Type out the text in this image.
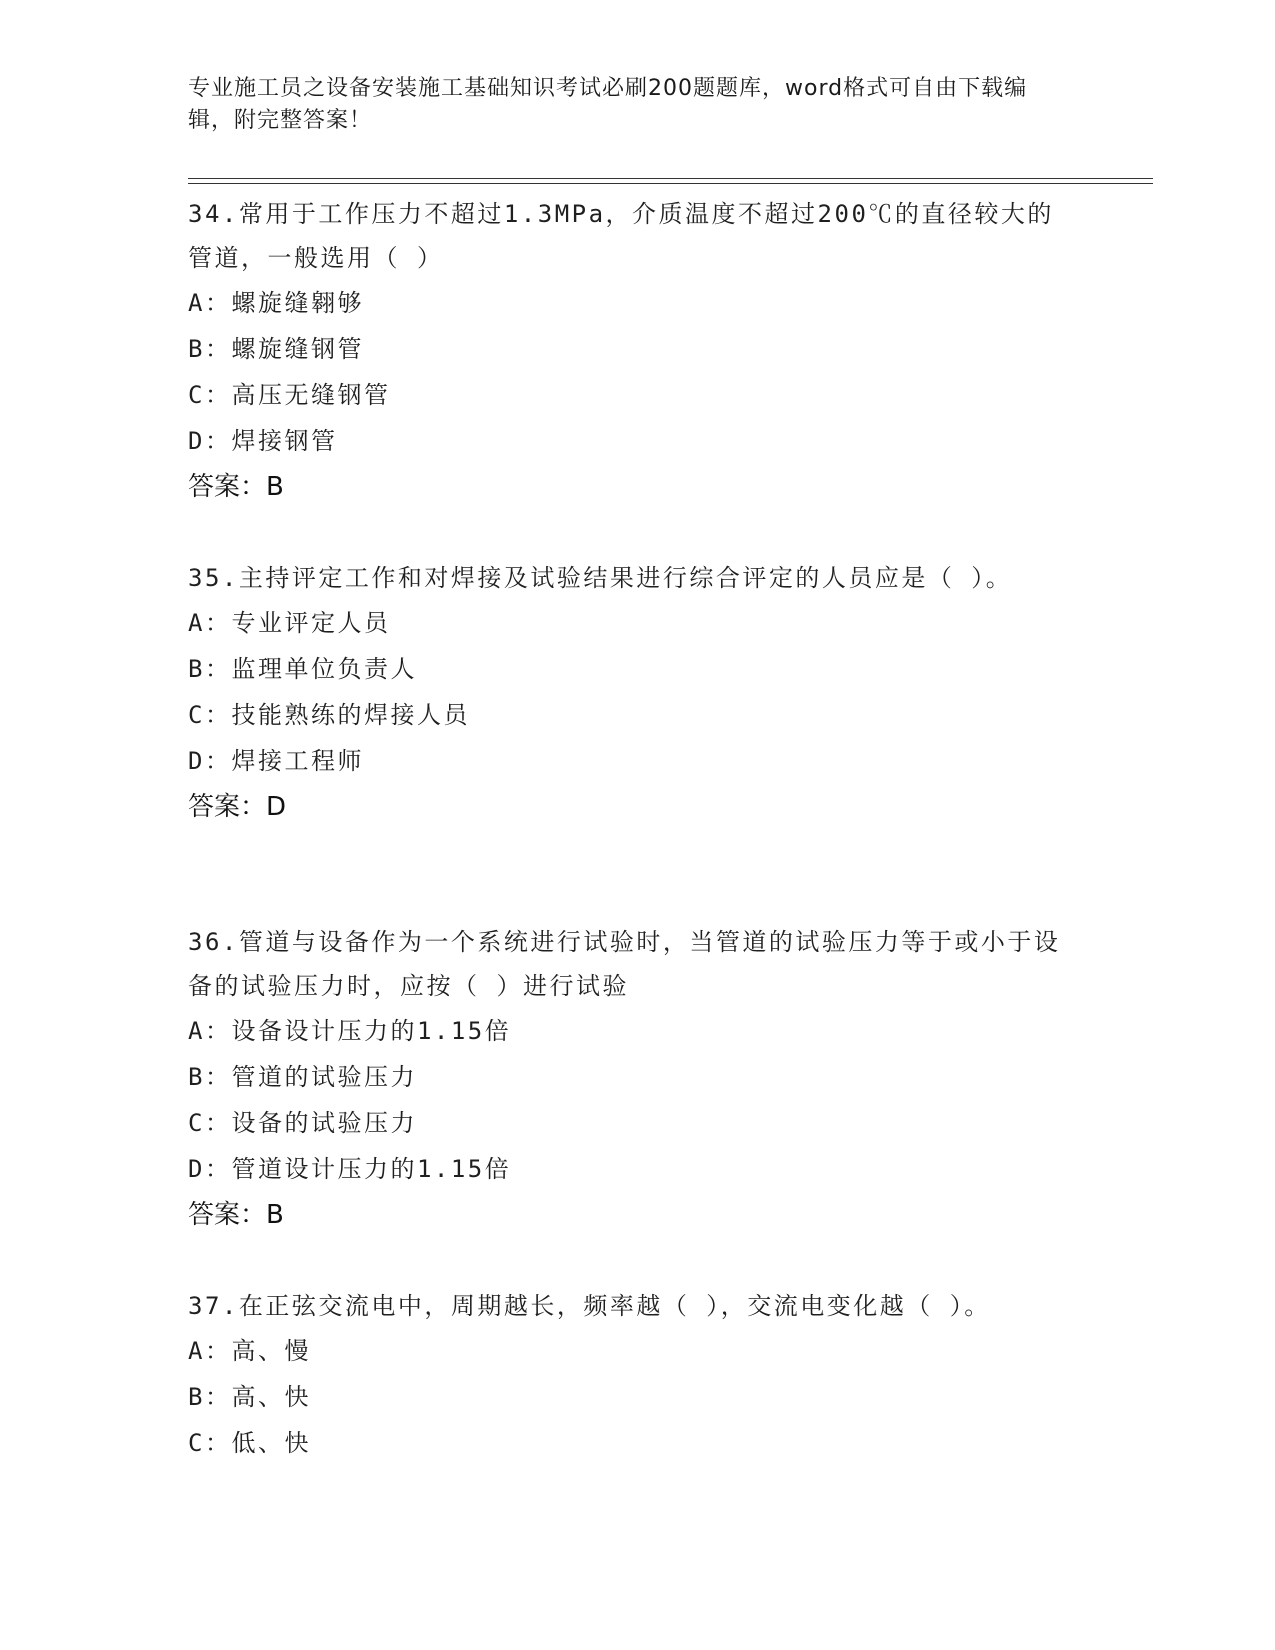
专业施工员之设备安装施工基础知识考试必刷200题题库，word格式可自由下载编辑，附完整答案！

34.常用于工作压力不超过1.3MPa，介质温度不超过200℃的直径较大的管道，一般选用（ ）

A：螺旋缝翱够
B：螺旋缝钢管
C：高压无缝钢管
D：焊接钢管
答案：B

35.主持评定工作和对焊接及试验结果进行综合评定的人员应是（ ）。

A：专业评定人员
B：监理单位负责人
C：技能熟练的焊接人员
D：焊接工程师
答案：D

36.管道与设备作为一个系统进行试验时，当管道的试验压力等于或小于设备的试验压力时，应按（ ）进行试验

A：设备设计压力的1.15倍
B：管道的试验压力
C：设备的试验压力
D：管道设计压力的1.15倍
答案：B

37.在正弦交流电中，周期越长，频率越（ ），交流电变化越（ ）。

A：高、慢
B：高、快
C：低、快
